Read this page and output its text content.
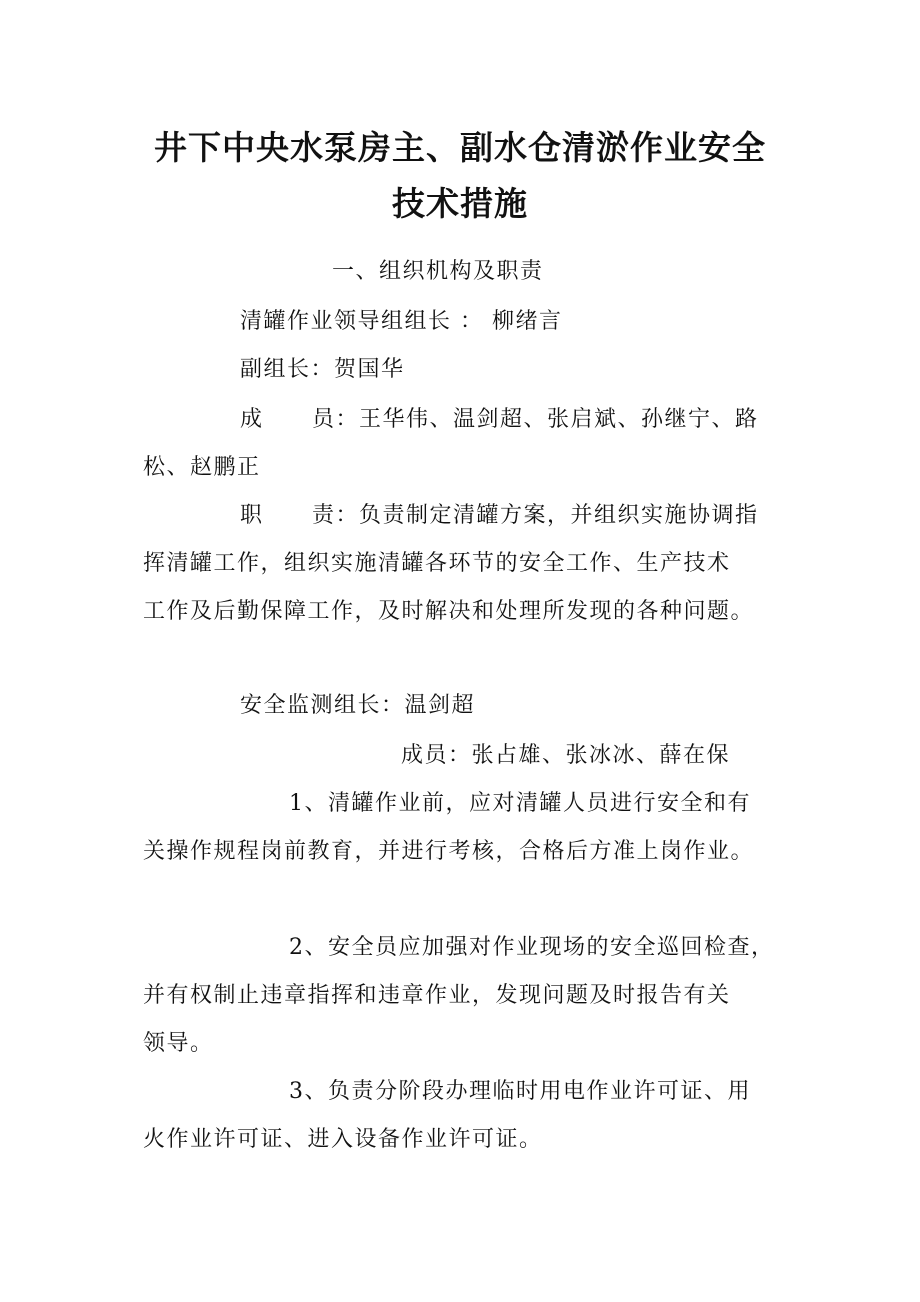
井下中央水泵房主、副水仓清淤作业安全
技术措施

一、组织机构及职责

清罐作业领导组组长 ： 柳绪言

副组长：贺国华

成 员：王华伟、温剑超、张启斌、孙继宁、路

松、赵鹏正

职 责：负责制定清罐方案，并组织实施协调指

挥清罐工作，组织实施清罐各环节的安全工作、生产技术

工作及后勤保障工作，及时解决和处理所发现的各种问题。

安全监测组长：温剑超

成员：张占雄、张冰冰、薛在保

1、清罐作业前，应对清罐人员进行安全和有

关操作规程岗前教育，并进行考核，合格后方准上岗作业。

2、安全员应加强对作业现场的安全巡回检查，

并有权制止违章指挥和违章作业，发现问题及时报告有关

领导。

3、负责分阶段办理临时用电作业许可证、用

火作业许可证、进入设备作业许可证。
